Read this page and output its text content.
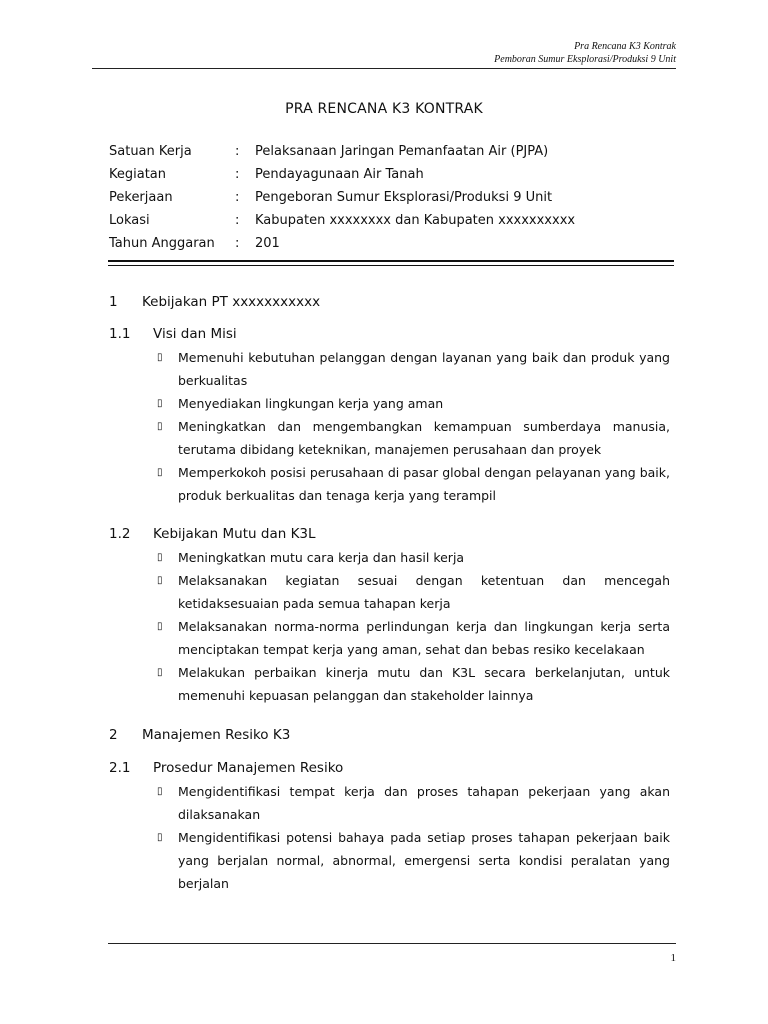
Pra Rencana K3 Kontrak
Pemboran Sumur Eksplorasi/Produksi 9 Unit
PRA RENCANA K3 KONTRAK
Satuan Kerja	: Pelaksanaan Jaringan Pemanfaatan Air (PJPA)
Kegiatan	: Pendayagunaan Air Tanah
Pekerjaan	: Pengeboran Sumur Eksplorasi/Produksi 9 Unit
Lokasi	: Kabupaten xxxxxxxx dan Kabupaten xxxxxxxxxx
Tahun Anggaran : 201
1 Kebijakan PT xxxxxxxxxxx
1.1 Visi dan Misi

▯ Memenuhi kebutuhan pelanggan dengan layanan yang baik dan produk yang berkualitas

▯ Menyediakan lingkungan kerja yang aman

▯ Meningkatkan dan mengembangkan kemampuan sumberdaya manusia, terutama dibidang keteknikan, manajemen perusahaan dan proyek

▯ Memperkokoh posisi perusahaan di pasar global dengan pelayanan yang baik, produk berkualitas dan tenaga kerja yang terampil

1.2 Kebijakan Mutu dan K3L

▯ Meningkatkan mutu cara kerja dan hasil kerja

▯ Melaksanakan kegiatan sesuai dengan ketentuan dan mencegah ketidaksesuaian pada semua tahapan kerja

▯ Melaksanakan norma-norma perlindungan kerja dan lingkungan kerja serta menciptakan tempat kerja yang aman, sehat dan bebas resiko kecelakaan

▯ Melakukan perbaikan kinerja mutu dan K3L secara berkelanjutan, untuk memenuhi kepuasan pelanggan dan stakeholder lainnya

2 Manajemen Resiko K3
2.1 Prosedur Manajemen Resiko

▯ Mengidentifikasi tempat kerja dan proses tahapan pekerjaan yang akan dilaksanakan

▯ Mengidentifikasi potensi bahaya pada setiap proses tahapan pekerjaan baik yang berjalan normal, abnormal, emergensi serta kondisi peralatan yang berjalan

1
